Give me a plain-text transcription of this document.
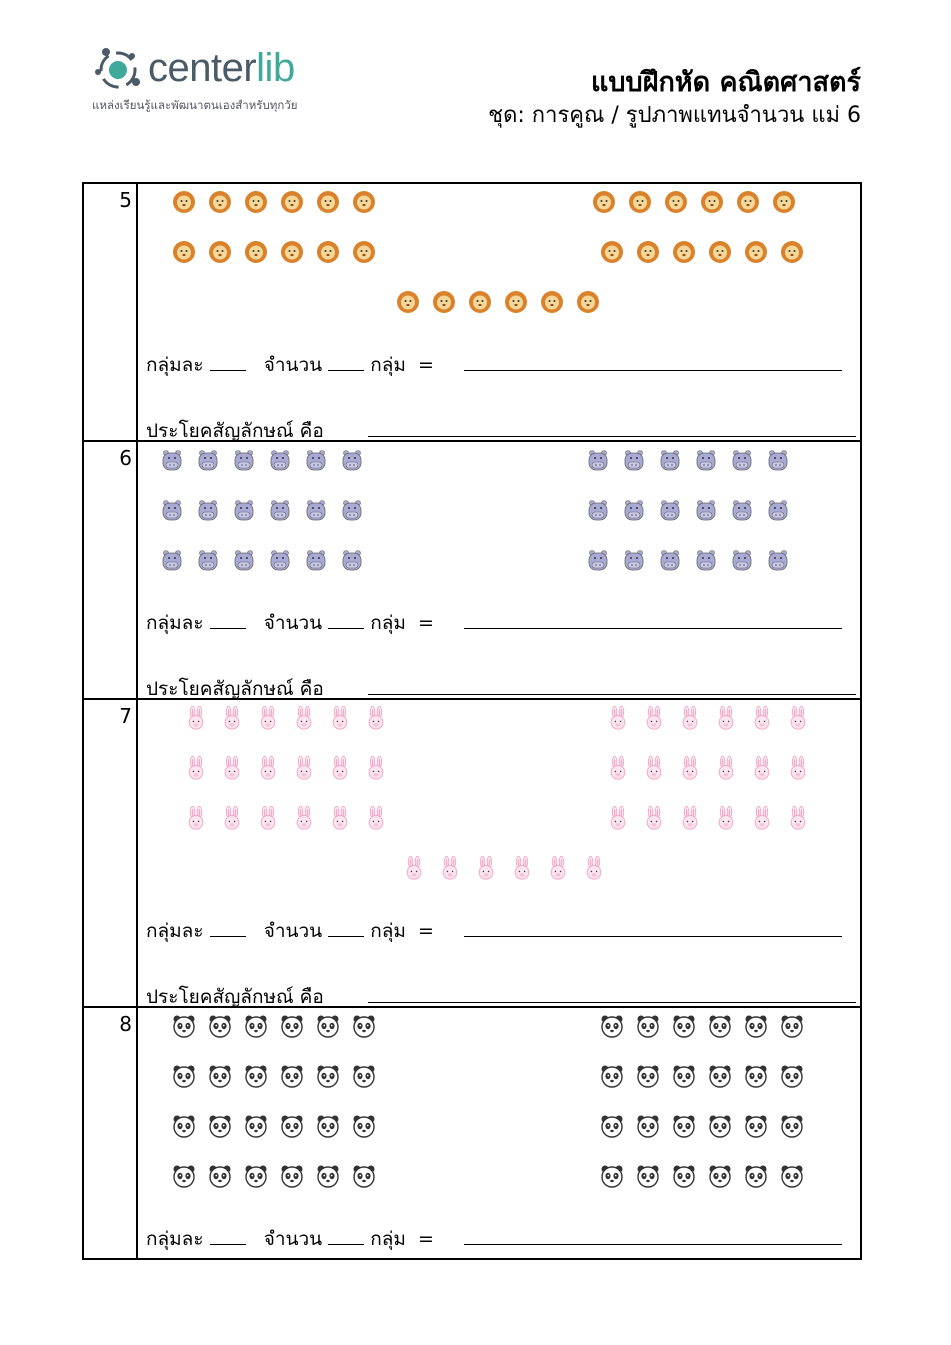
centerlib
แหล่งเรียนรู้และพัฒนาตนเองสำหรับทุกวัย
แบบฝึกหัด คณิตศาสตร์
ชุด: การคูณ / รูปภาพแทนจำนวน แม่ 6
5
กลุ่มละ	จำนวน	กลุ่ม =
ประโยคสัญลักษณ์ คือ
6
กลุ่มละ	จำนวน	กลุ่ม =
ประโยคสัญลักษณ์ คือ
7
กลุ่มละ	จำนวน	กลุ่ม =
ประโยคสัญลักษณ์ คือ
8
กลุ่มละ	จำนวน	กลุ่ม =
